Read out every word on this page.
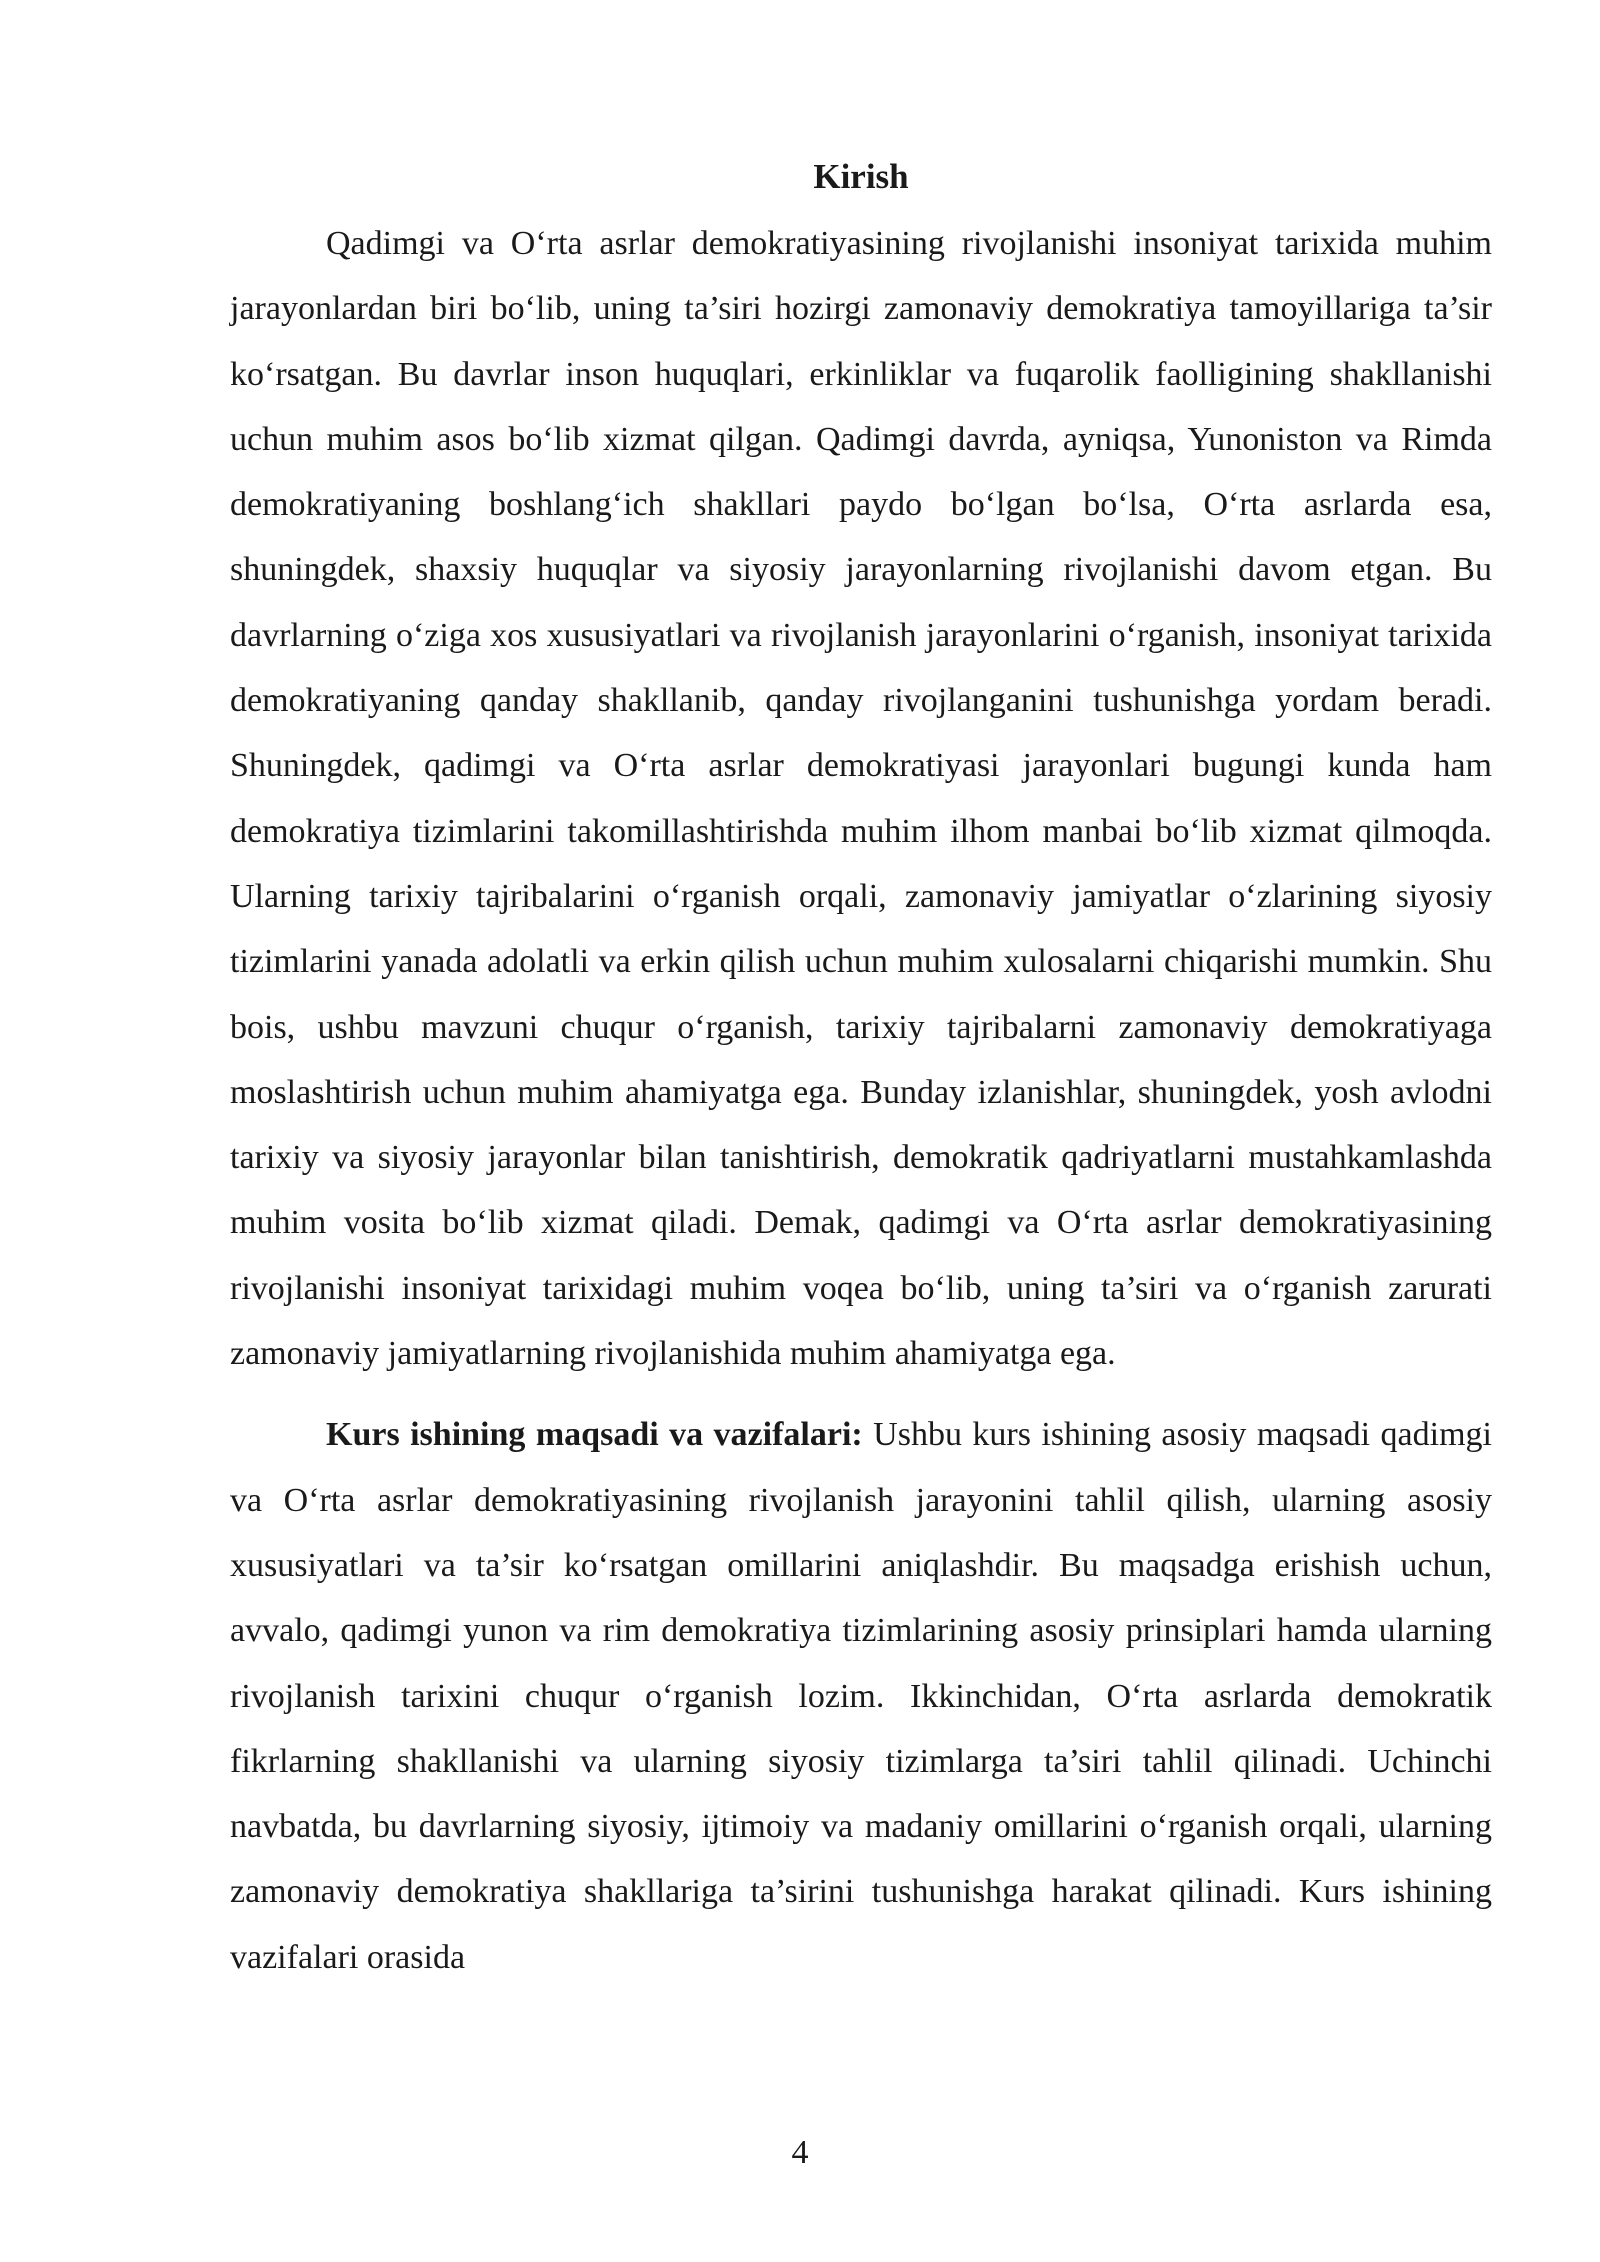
Kirish

Qadimgi va O‘rta asrlar demokratiyasining rivojlanishi insoniyat tarixida muhim jarayonlardan biri bo‘lib, uning ta’siri hozirgi zamonaviy demokratiya tamoyillariga ta’sir ko‘rsatgan. Bu davrlar inson huquqlari, erkinliklar va fuqarolik faolligining shakllanishi uchun muhim asos bo‘lib xizmat qilgan. Qadimgi davrda, ayniqsa, Yunoniston va Rimda demokratiyaning boshlang‘ich shakllari paydo bo‘lgan bo‘lsa, O‘rta asrlarda esa, shuningdek, shaxsiy huquqlar va siyosiy jarayonlarning rivojlanishi davom etgan. Bu davrlarning o‘ziga xos xususiyatlari va rivojlanish jarayonlarini o‘rganish, insoniyat tarixida demokratiyaning qanday shakllanib, qanday rivojlanganini tushunishga yordam beradi. Shuningdek, qadimgi va O‘rta asrlar demokratiyasi jarayonlari bugungi kunda ham demokratiya tizimlarini takomillashtirishda muhim ilhom manbai bo‘lib xizmat qilmoqda. Ularning tarixiy tajribalarini o‘rganish orqali, zamonaviy jamiyatlar o‘zlarining siyosiy tizimlarini yanada adolatli va erkin qilish uchun muhim xulosalarni chiqarishi mumkin. Shu bois, ushbu mavzuni chuqur o‘rganish, tarixiy tajribalarni zamonaviy demokratiyaga moslashtirish uchun muhim ahamiyatga ega. Bunday izlanishlar, shuningdek, yosh avlodni tarixiy va siyosiy jarayonlar bilan tanishtirish, demokratik qadriyatlarni mustahkamlashda muhim vosita bo‘lib xizmat qiladi. Demak, qadimgi va O‘rta asrlar demokratiyasining rivojlanishi insoniyat tarixidagi muhim voqea bo‘lib, uning ta’siri va o‘rganish zarurati zamonaviy jamiyatlarning rivojlanishida muhim ahamiyatga ega.

Kurs ishining maqsadi va vazifalari: Ushbu kurs ishining asosiy maqsadi qadimgi va O‘rta asrlar demokratiyasining rivojlanish jarayonini tahlil qilish, ularning asosiy xususiyatlari va ta’sir ko‘rsatgan omillarini aniqlashdir. Bu maqsadga erishish uchun, avvalo, qadimgi yunon va rim demokratiya tizimlarining asosiy prinsiplari hamda ularning rivojlanish tarixini chuqur o‘rganish lozim. Ikkinchidan, O‘rta asrlarda demokratik fikrlarning shakllanishi va ularning siyosiy tizimlarga ta’siri tahlil qilinadi. Uchinchi navbatda, bu davrlarning siyosiy, ijtimoiy va madaniy omillarini o‘rganish orqali, ularning zamonaviy demokratiya shakllariga ta’sirini tushunishga harakat qilinadi. Kurs ishining vazifalari orasida

4
